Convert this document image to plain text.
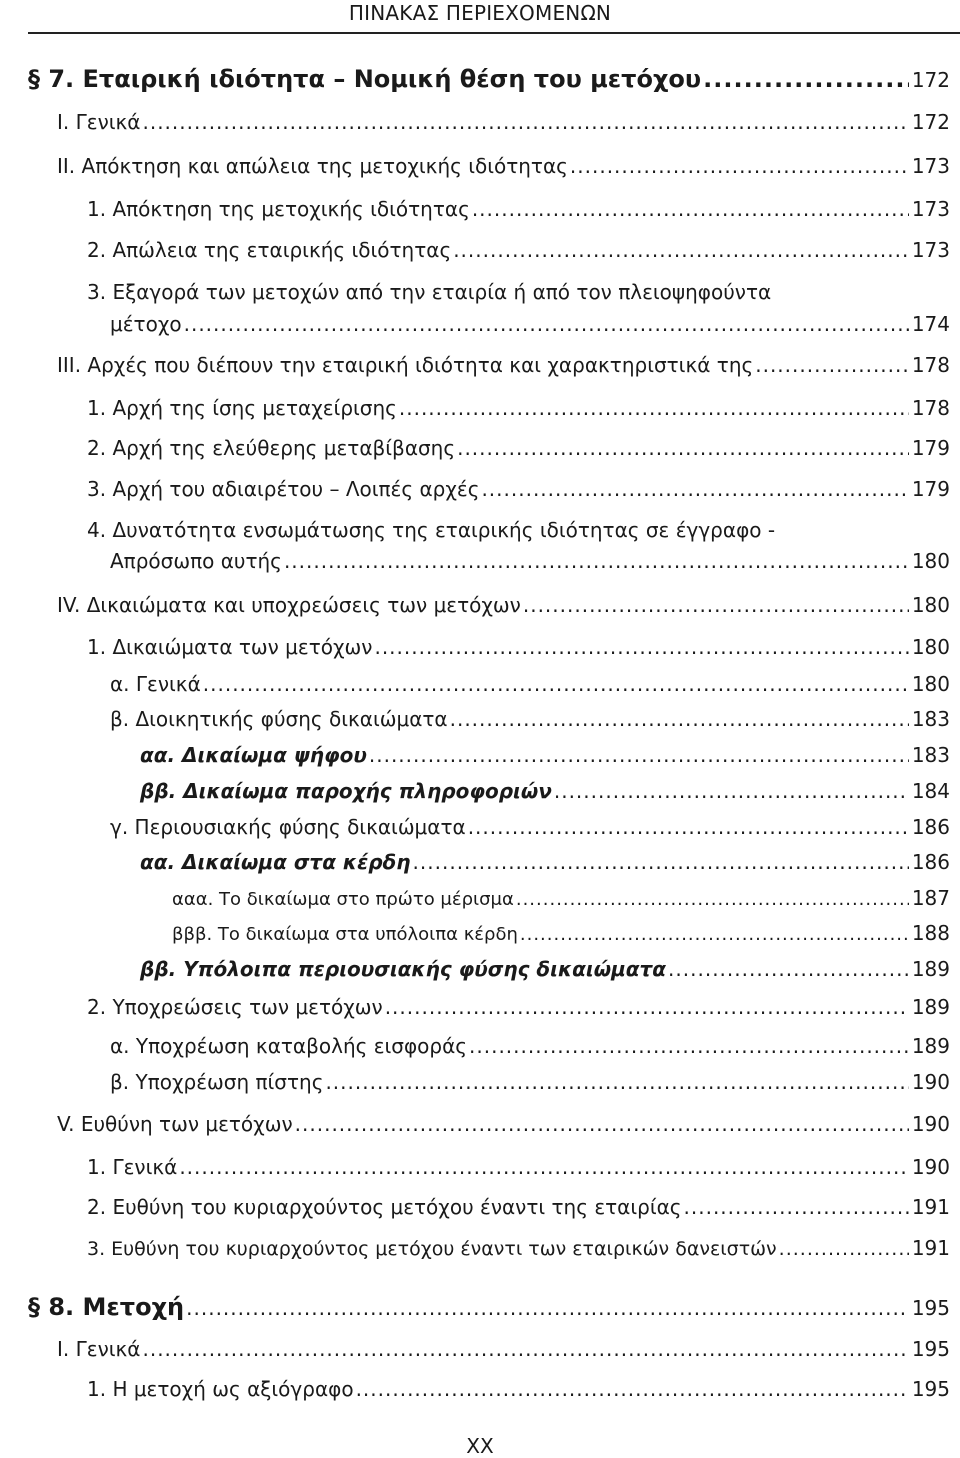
ΠΙΝΑΚΑΣ ΠΕΡΙΕΧΟΜΕΝΩΝ
§ 7. Εταιρική ιδιότητα – Νομική θέση του μετόχου .....	172
I. Γενικά .....	172
II. Απόκτηση και απώλεια της μετοχικής ιδιότητας .....	173
1. Απόκτηση της μετοχικής ιδιότητας .....	173
2. Απώλεια της εταιρικής ιδιότητας .....	173
3. Εξαγορά των μετοχών από την εταιρία ή από τον πλειοψηφούντα
μέτοχο .....	174
III. Αρχές που διέπουν την εταιρική ιδιότητα και χαρακτηριστικά της .....	178
1. Αρχή της ίσης μεταχείρισης .....	178
2. Αρχή της ελεύθερης μεταβίβασης .....	179
3. Αρχή του αδιαιρέτου – Λοιπές αρχές .....	179
4. Δυνατότητα ενσωμάτωσης της εταιρικής ιδιότητας σε έγγραφο -
Απρόσωπο αυτής .....	180
IV. Δικαιώματα και υποχρεώσεις των μετόχων .....	180
1. Δικαιώματα των μετόχων .....	180
α. Γενικά .....	180
β. Διοικητικής φύσης δικαιώματα .....	183
αα. Δικαίωμα ψήφου .....	183
ββ. Δικαίωμα παροχής πληροφοριών .....	184
γ. Περιουσιακής φύσης δικαιώματα .....	186
αα. Δικαίωμα στα κέρδη .....	186
ααα. Το δικαίωμα στο πρώτο μέρισμα .....	187
βββ. Το δικαίωμα στα υπόλοιπα κέρδη .....	188
ββ. Υπόλοιπα περιουσιακής φύσης δικαιώματα .....	189
2. Υποχρεώσεις των μετόχων .....	189
α. Υποχρέωση καταβολής εισφοράς .....	189
β. Υποχρέωση πίστης .....	190
V. Ευθύνη των μετόχων .....	190
1. Γενικά .....	190
2. Ευθύνη του κυριαρχούντος μετόχου έναντι της εταιρίας .....	191
3. Ευθύνη του κυριαρχούντος μετόχου έναντι των εταιρικών δανειστών .....	191
§ 8. Μετοχή .....	195
I. Γενικά .....	195
1. Η μετοχή ως αξιόγραφο .....	195
XX
